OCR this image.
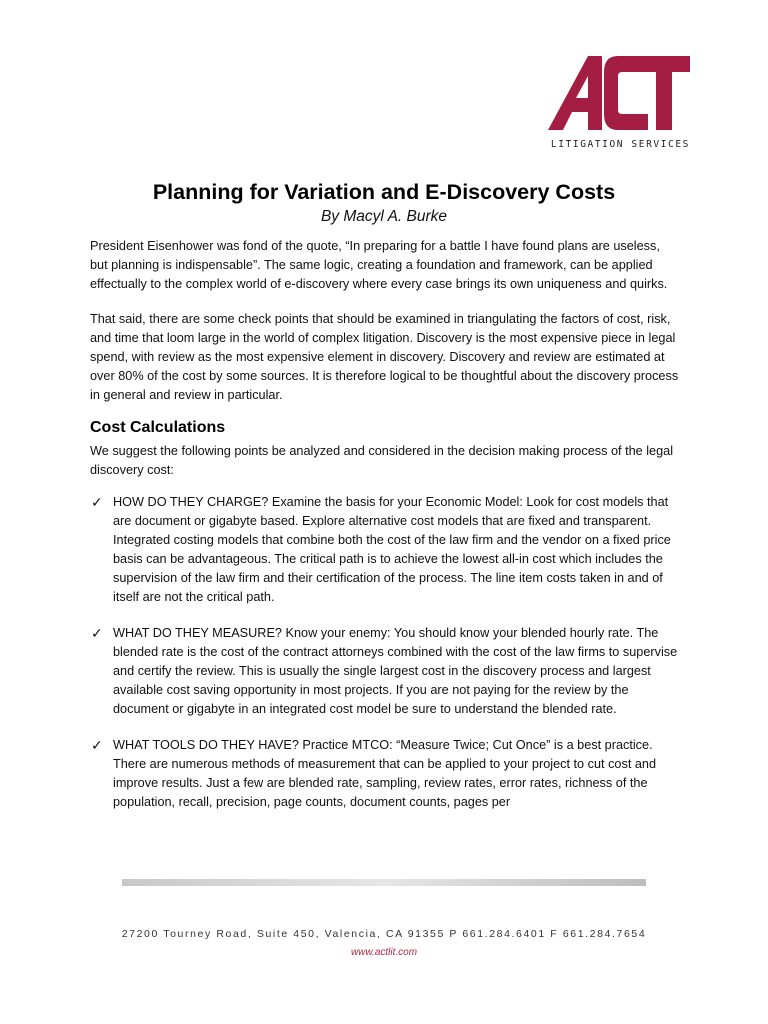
LITIGATION SERVICES
Planning for Variation and E-Discovery Costs
By Macyl A. Burke

President Eisenhower was fond of the quote, “In preparing for a battle I have found plans are useless, but planning is indispensable”. The same logic, creating a foundation and framework, can be applied effectually to the complex world of e-discovery where every case brings its own uniqueness and quirks.

That said, there are some check points that should be examined in triangulating the factors of cost, risk, and time that loom large in the world of complex litigation. Discovery is the most expensive piece in legal spend, with review as the most expensive element in discovery. Discovery and review are estimated at over 80% of the cost by some sources. It is therefore logical to be thoughtful about the discovery process in general and review in particular.

Cost Calculations

We suggest the following points be analyzed and considered in the decision making process of the legal discovery cost:

✓ HOW DO THEY CHARGE? Examine the basis for your Economic Model: Look for cost models that are document or gigabyte based. Explore alternative cost models that are fixed and transparent. Integrated costing models that combine both the cost of the law firm and the vendor on a fixed price basis can be advantageous. The critical path is to achieve the lowest all-in cost which includes the supervision of the law firm and their certification of the process. The line item costs taken in and of itself are not the critical path.

✓ WHAT DO THEY MEASURE? Know your enemy: You should know your blended hourly rate. The blended rate is the cost of the contract attorneys combined with the cost of the law firms to supervise and certify the review. This is usually the single largest cost in the discovery process and largest available cost saving opportunity in most projects. If you are not paying for the review by the document or gigabyte in an integrated cost model be sure to understand the blended rate.

✓ WHAT TOOLS DO THEY HAVE? Practice MTCO: “Measure Twice; Cut Once” is a best practice. There are numerous methods of measurement that can be applied to your project to cut cost and improve results. Just a few are blended rate, sampling, review rates, error rates, richness of the population, recall, precision, page counts, document counts, pages per

27200 Tourney Road, Suite 450, Valencia, CA 91355 P 661.284.6401 F 661.284.7654
www.actlit.com
